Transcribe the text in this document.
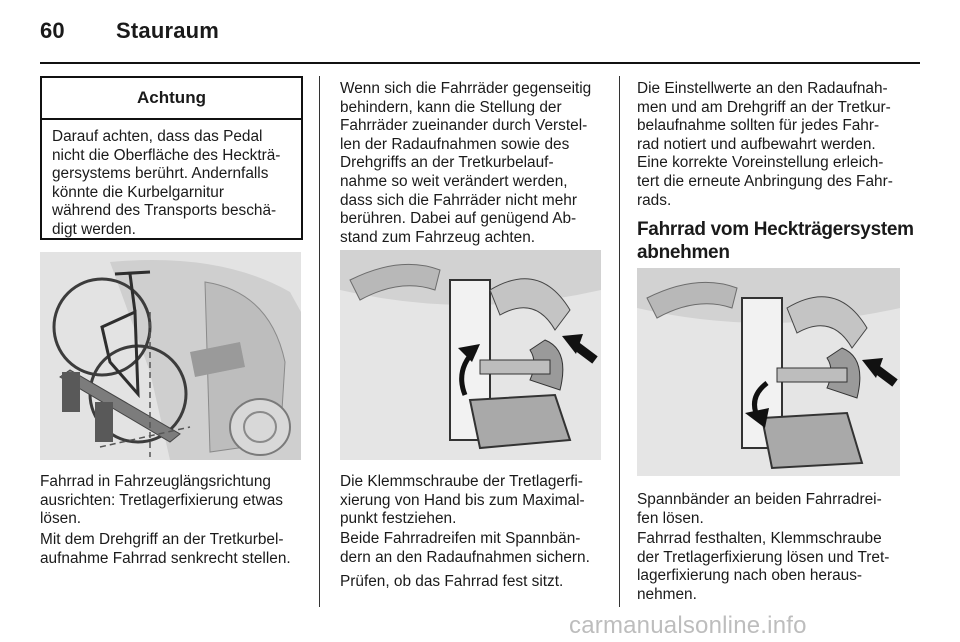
60 Stauraum
Achtung
Darauf achten, dass das Pedal
nicht die Oberfläche des Heckträ-
gersystems berührt. Andernfalls
könnte die Kurbelgarnitur
während des Transports beschä-
digt werden.
Fahrrad in Fahrzeuglängsrichtung
ausrichten: Tretlagerfixierung etwas
lösen.
Mit dem Drehgriff an der Tretkurbel-
aufnahme Fahrrad senkrecht stellen.
Wenn sich die Fahrräder gegenseitig
behindern, kann die Stellung der
Fahrräder zueinander durch Verstel-
len der Radaufnahmen sowie des
Drehgriffs an der Tretkurbelauf-
nahme so weit verändert werden,
dass sich die Fahrräder nicht mehr
berühren. Dabei auf genügend Ab-
stand zum Fahrzeug achten.
Die Klemmschraube der Tretlagerfi-
xierung von Hand bis zum Maximal-
punkt festziehen.
Beide Fahrradreifen mit Spannbän-
dern an den Radaufnahmen sichern.
Prüfen, ob das Fahrrad fest sitzt.
Die Einstellwerte an den Radaufnah-
men und am Drehgriff an der Tretkur-
belaufnahme sollten für jedes Fahr-
rad notiert und aufbewahrt werden.
Eine korrekte Voreinstellung erleich-
tert die erneute Anbringung des Fahr-
rads.
Fahrrad vom Heckträgersystem
abnehmen
Spannbänder an beiden Fahrradrei-
fen lösen.
Fahrrad festhalten, Klemmschraube
der Tretlagerfixierung lösen und Tret-
lagerfixierung nach oben heraus-
nehmen.
carmanualsonline.info
